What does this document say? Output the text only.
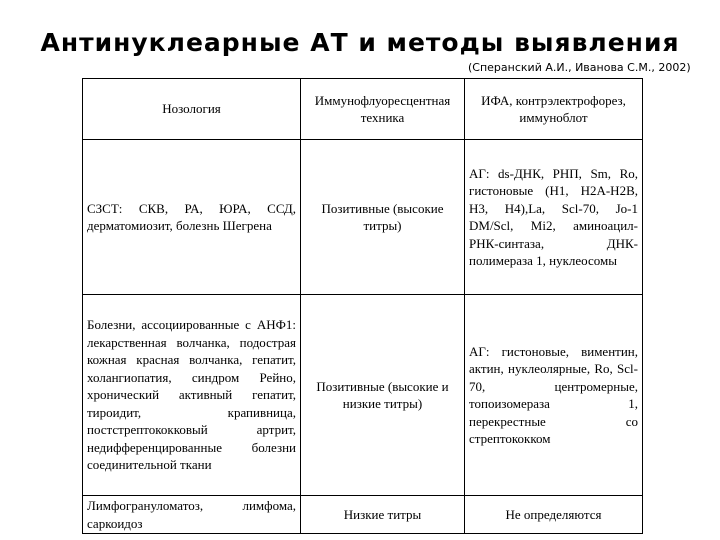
Антинуклеарные АТ и методы выявления
(Сперанский А.И., Иванова С.М., 2002)
Нозология	Иммунофлуоресцентная техника	ИФА, контрэлектрофорез, иммуноблот
СЗСТ: СКВ, РА, ЮРА, ССД, дерматомиозит, болезнь Шегрена	Позитивные (высокие титры)	АГ: ds-ДНК, РНП, Sm, Ro, гистоновые (Н1, Н2А-Н2В, Н3, Н4),La, Scl-70, Jo-1 DM/Scl, Mi2, аминоацил-РНК-синтаза, ДНК-полимераза 1, нуклеосомы
Болезни, ассоциированные с АНФ1: лекарственная волчанка, подострая кожная красная волчанка, гепатит, холангиопатия, синдром Рейно, хронический активный гепатит, тироидит, крапивница, постстрептококковый артрит, недифференцированные болезни соединительной ткани	Позитивные (высокие и низкие титры)	АГ: гистоновые, виментин, актин, нуклеолярные, Ro, Scl-70, центромерные, топоизомераза 1, перекрестные со стрептококком
Лимфогрануломатоз, лимфома, саркоидоз	Низкие титры	Не определяются
